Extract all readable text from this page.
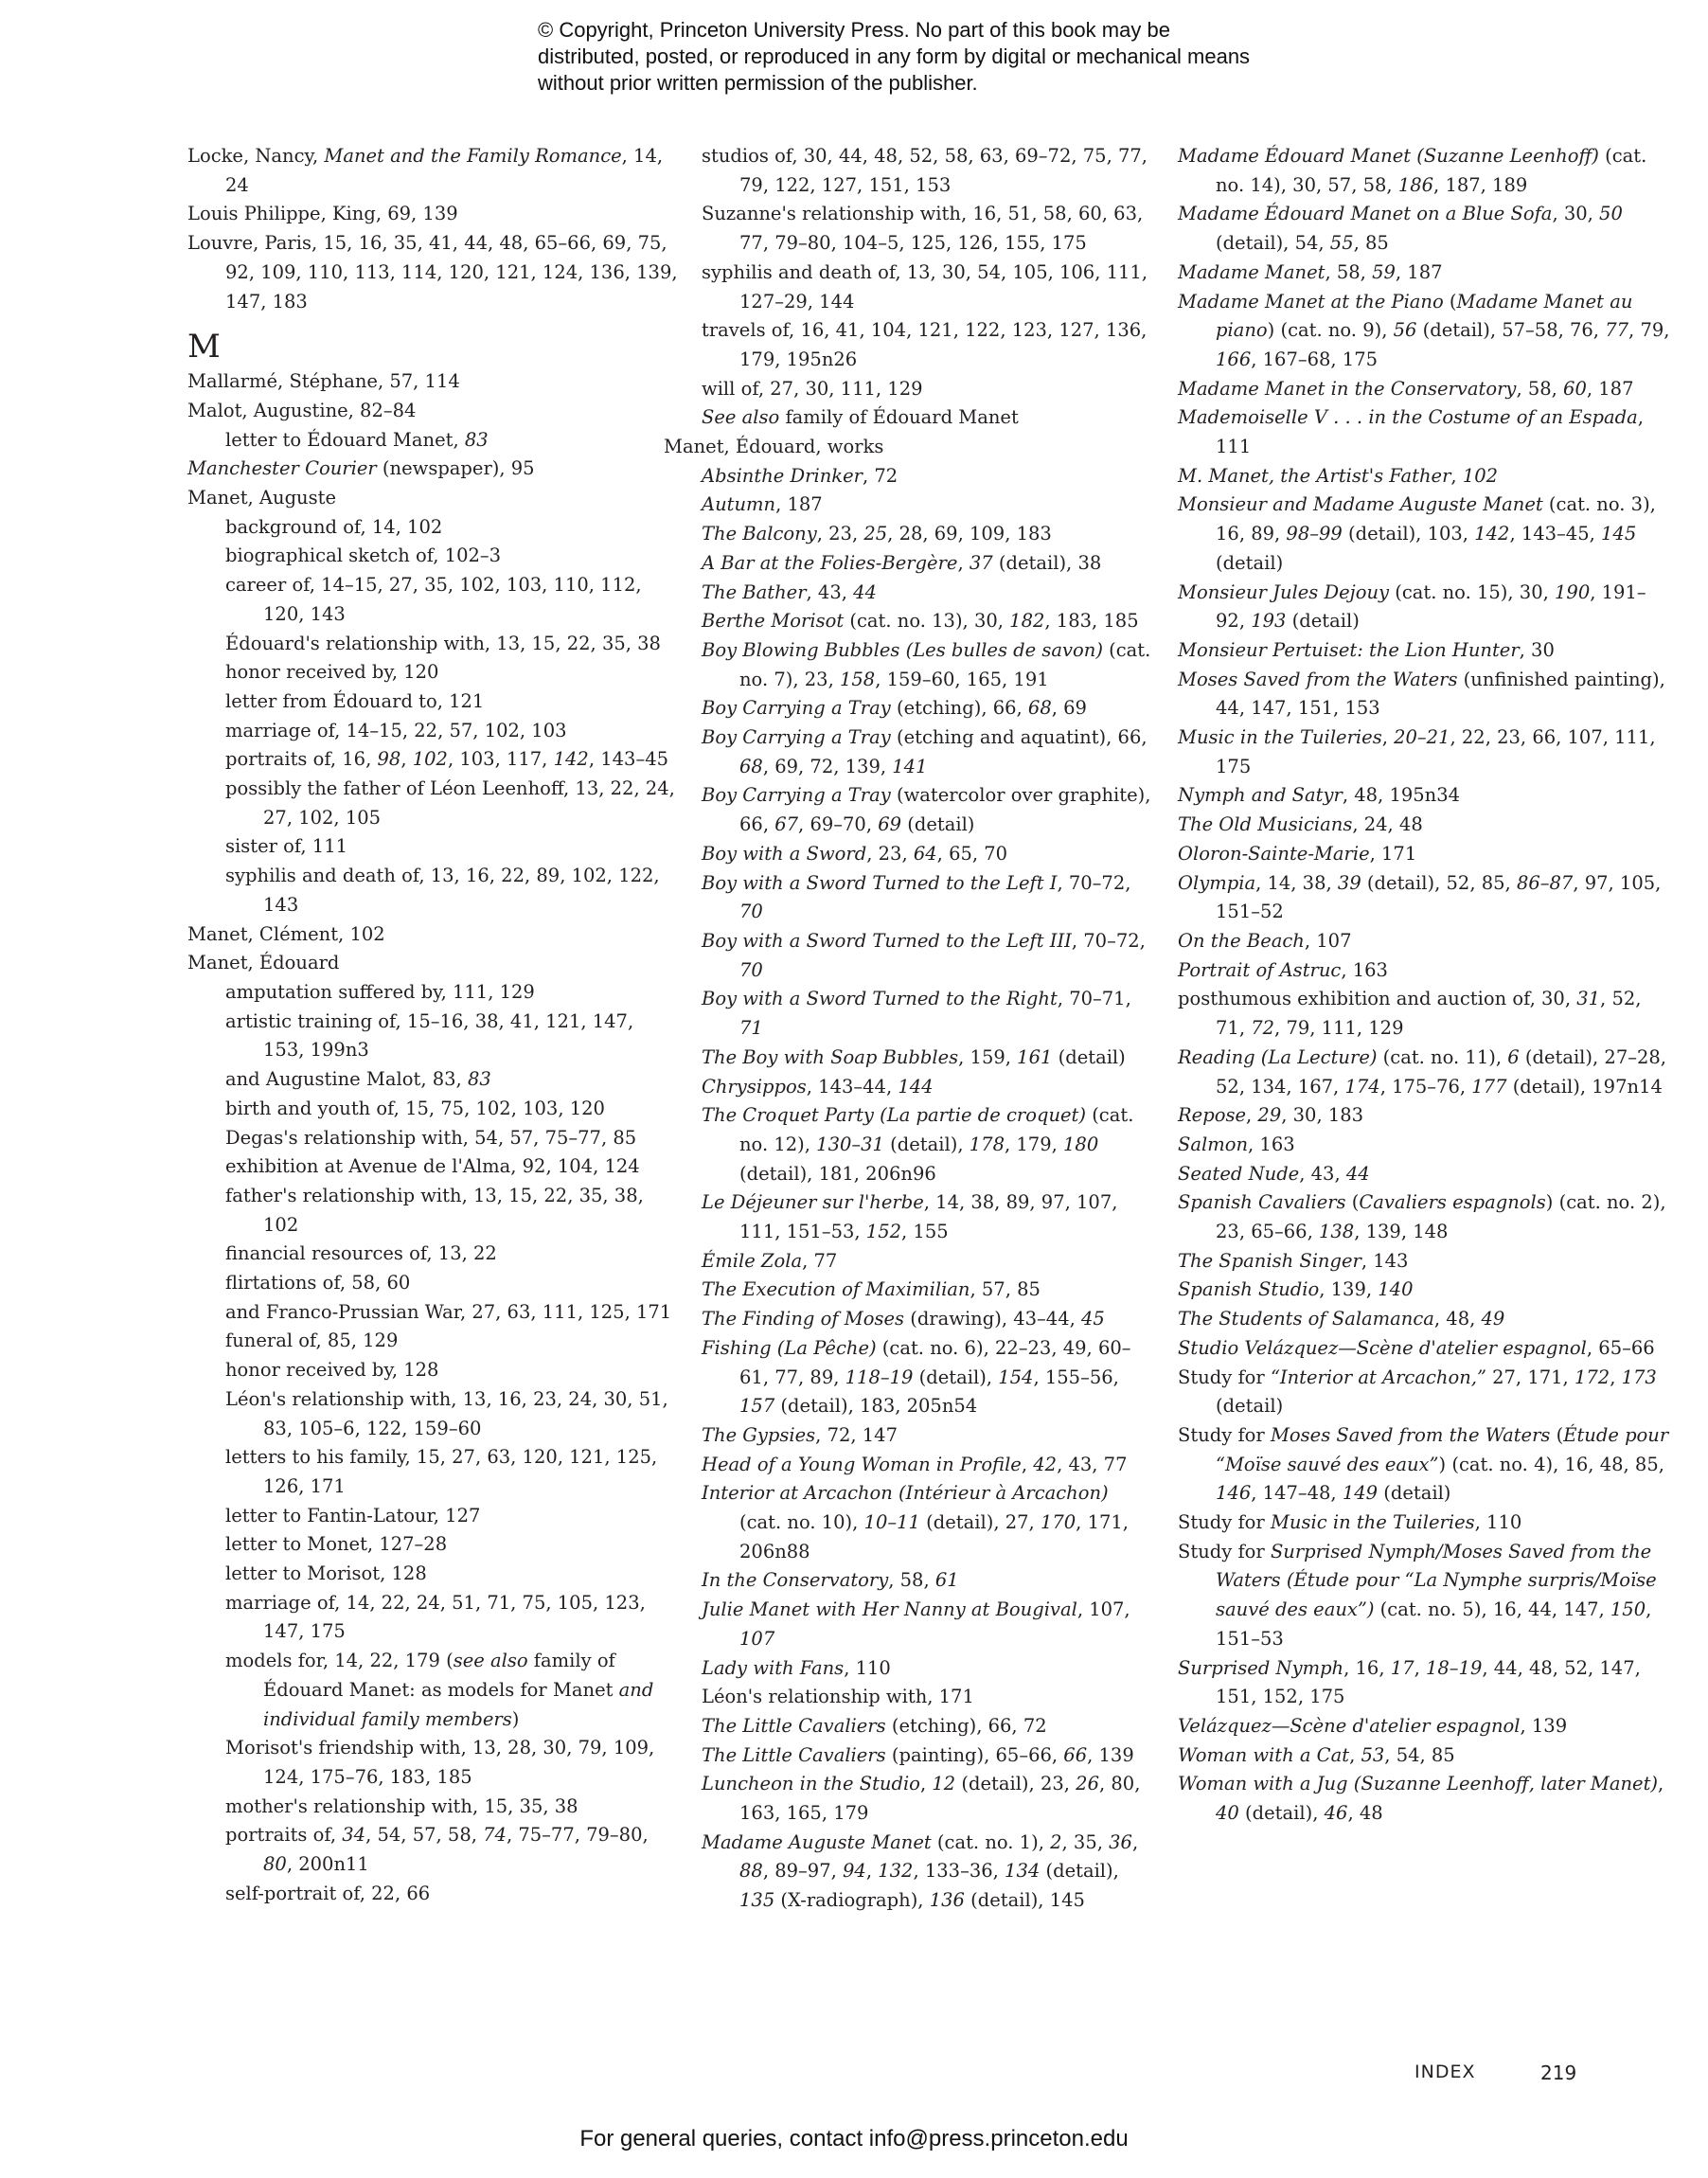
© Copyright, Princeton University Press. No part of this book may be distributed, posted, or reproduced in any form by digital or mechanical means without prior written permission of the publisher.

Locke, Nancy, Manet and the Family Romance, 14, 24
Louis Philippe, King, 69, 139
Louvre, Paris, 15, 16, 35, 41, 44, 48, 65–66, 69, 75, 92, 109, 110, 113, 114, 120, 121, 124, 136, 139, 147, 183
M
Mallarmé, Stéphane, 57, 114
Malot, Augustine, 82–84
letter to Édouard Manet, 83
Manchester Courier (newspaper), 95
Manet, Auguste
background of, 14, 102
biographical sketch of, 102–3
career of, 14–15, 27, 35, 102, 103, 110, 112, 120, 143
Édouard's relationship with, 13, 15, 22, 35, 38
honor received by, 120
letter from Édouard to, 121
marriage of, 14–15, 22, 57, 102, 103
portraits of, 16, 98, 102, 103, 117, 142, 143–45
possibly the father of Léon Leenhoff, 13, 22, 24, 27, 102, 105
sister of, 111
syphilis and death of, 13, 16, 22, 89, 102, 122, 143
Manet, Clément, 102
Manet, Édouard
amputation suffered by, 111, 129
artistic training of, 15–16, 38, 41, 121, 147, 153, 199n3
and Augustine Malot, 83, 83
birth and youth of, 15, 75, 102, 103, 120
Degas's relationship with, 54, 57, 75–77, 85
exhibition at Avenue de l'Alma, 92, 104, 124
father's relationship with, 13, 15, 22, 35, 38, 102
financial resources of, 13, 22
flirtations of, 58, 60
and Franco-Prussian War, 27, 63, 111, 125, 171
funeral of, 85, 129
honor received by, 128
Léon's relationship with, 13, 16, 23, 24, 30, 51, 83, 105–6, 122, 159–60
letters to his family, 15, 27, 63, 120, 121, 125, 126, 171
letter to Fantin-Latour, 127
letter to Monet, 127–28
letter to Morisot, 128
marriage of, 14, 22, 24, 51, 71, 75, 105, 123, 147, 175
models for, 14, 22, 179 (see also family of Édouard Manet: as models for Manet and individual family members)
Morisot's friendship with, 13, 28, 30, 79, 109, 124, 175–76, 183, 185
mother's relationship with, 15, 35, 38
portraits of, 34, 54, 57, 58, 74, 75–77, 79–80, 80, 200n11
self-portrait of, 22, 66
studios of, 30, 44, 48, 52, 58, 63, 69–72, 75, 77, 79, 122, 127, 151, 153
Suzanne's relationship with, 16, 51, 58, 60, 63, 77, 79–80, 104–5, 125, 126, 155, 175
syphilis and death of, 13, 30, 54, 105, 106, 111, 127–29, 144
travels of, 16, 41, 104, 121, 122, 123, 127, 136, 179, 195n26
will of, 27, 30, 111, 129
See also family of Édouard Manet
Manet, Édouard, works
Absinthe Drinker, 72
Autumn, 187
The Balcony, 23, 25, 28, 69, 109, 183
A Bar at the Folies-Bergère, 37 (detail), 38
The Bather, 43, 44
Berthe Morisot (cat. no. 13), 30, 182, 183, 185
Boy Blowing Bubbles (Les bulles de savon) (cat. no. 7), 23, 158, 159–60, 165, 191
Boy Carrying a Tray (etching), 66, 68, 69
Boy Carrying a Tray (etching and aquatint), 66, 68, 69, 72, 139, 141
Boy Carrying a Tray (watercolor over graphite), 66, 67, 69–70, 69 (detail)
Boy with a Sword, 23, 64, 65, 70
Boy with a Sword Turned to the Left I, 70–72, 70
Boy with a Sword Turned to the Left III, 70–72, 70
Boy with a Sword Turned to the Right, 70–71, 71
The Boy with Soap Bubbles, 159, 161 (detail)
Chrysippos, 143–44, 144
The Croquet Party (La partie de croquet) (cat. no. 12), 130–31 (detail), 178, 179, 180 (detail), 181, 206n96
Le Déjeuner sur l'herbe, 14, 38, 89, 97, 107, 111, 151–53, 152, 155
Émile Zola, 77
The Execution of Maximilian, 57, 85
The Finding of Moses (drawing), 43–44, 45
Fishing (La Pêche) (cat. no. 6), 22–23, 49, 60–61, 77, 89, 118–19 (detail), 154, 155–56, 157 (detail), 183, 205n54
The Gypsies, 72, 147
Head of a Young Woman in Profile, 42, 43, 77
Interior at Arcachon (Intérieur à Arcachon) (cat. no. 10), 10–11 (detail), 27, 170, 171, 206n88
In the Conservatory, 58, 61
Julie Manet with Her Nanny at Bougival, 107, 107
Lady with Fans, 110
Léon's relationship with, 171
The Little Cavaliers (etching), 66, 72
The Little Cavaliers (painting), 65–66, 66, 139
Luncheon in the Studio, 12 (detail), 23, 26, 80, 163, 165, 179
Madame Auguste Manet (cat. no. 1), 2, 35, 36, 88, 89–97, 94, 132, 133–36, 134 (detail), 135 (X-radiograph), 136 (detail), 145
Madame Édouard Manet (Suzanne Leenhoff) (cat. no. 14), 30, 57, 58, 186, 187, 189
Madame Édouard Manet on a Blue Sofa, 30, 50 (detail), 54, 55, 85
Madame Manet, 58, 59, 187
Madame Manet at the Piano (Madame Manet au piano) (cat. no. 9), 56 (detail), 57–58, 76, 77, 79, 166, 167–68, 175
Madame Manet in the Conservatory, 58, 60, 187
Mademoiselle V . . . in the Costume of an Espada, 111
M. Manet, the Artist's Father, 102
Monsieur and Madame Auguste Manet (cat. no. 3), 16, 89, 98–99 (detail), 103, 142, 143–45, 145 (detail)
Monsieur Jules Dejouy (cat. no. 15), 30, 190, 191–92, 193 (detail)
Monsieur Pertuiset: the Lion Hunter, 30
Moses Saved from the Waters (unfinished painting), 44, 147, 151, 153
Music in the Tuileries, 20–21, 22, 23, 66, 107, 111, 175
Nymph and Satyr, 48, 195n34
The Old Musicians, 24, 48
Oloron-Sainte-Marie, 171
Olympia, 14, 38, 39 (detail), 52, 85, 86–87, 97, 105, 151–52
On the Beach, 107
Portrait of Astruc, 163
posthumous exhibition and auction of, 30, 31, 52, 71, 72, 79, 111, 129
Reading (La Lecture) (cat. no. 11), 6 (detail), 27–28, 52, 134, 167, 174, 175–76, 177 (detail), 197n14
Repose, 29, 30, 183
Salmon, 163
Seated Nude, 43, 44
Spanish Cavaliers (Cavaliers espagnols) (cat. no. 2), 23, 65–66, 138, 139, 148
The Spanish Singer, 143
Spanish Studio, 139, 140
The Students of Salamanca, 48, 49
Studio Velázquez—Scène d'atelier espagnol, 65–66
Study for “Interior at Arcachon,” 27, 171, 172, 173 (detail)
Study for Moses Saved from the Waters (Étude pour “Moïse sauvé des eaux”) (cat. no. 4), 16, 48, 85, 146, 147–48, 149 (detail)
Study for Music in the Tuileries, 110
Study for Surprised Nymph/Moses Saved from the Waters (Étude pour “La Nymphe surpris/Moïse sauvé des eaux”) (cat. no. 5), 16, 44, 147, 150, 151–53
Surprised Nymph, 16, 17, 18–19, 44, 48, 52, 147, 151, 152, 175
Velázquez—Scène d'atelier espagnol, 139
Woman with a Cat, 53, 54, 85
Woman with a Jug (Suzanne Leenhoff, later Manet), 40 (detail), 46, 48
INDEX	219
For general queries, contact info@press.princeton.edu
